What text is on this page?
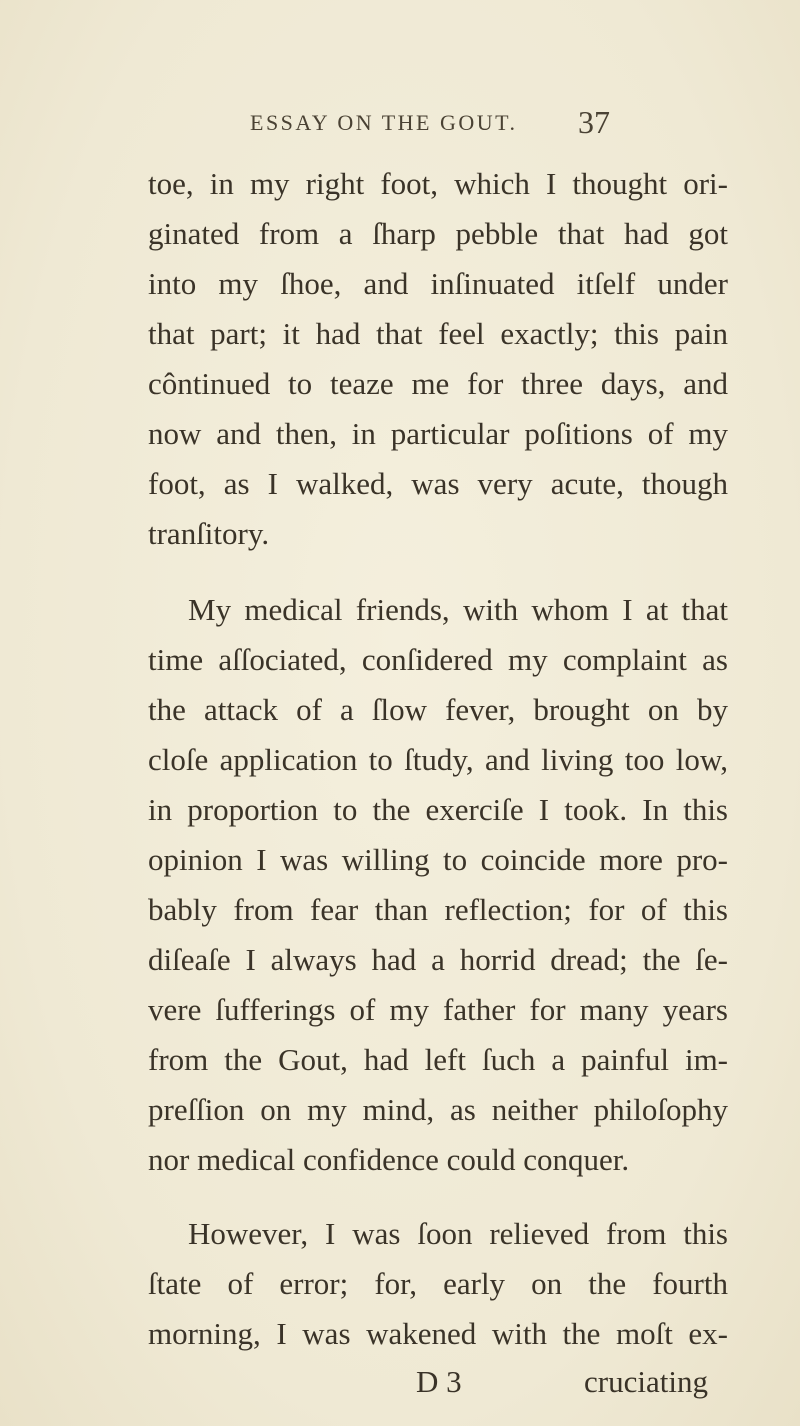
ESSAY ON THE GOUT. 37
toe, in my right foot, which I thought ori-
ginated from a ſharp pebble that had got
into my ſhoe, and inſinuated itſelf under
that part; it had that feel exactly; this pain
côntinued to teaze me for three days, and
now and then, in particular poſitions of my
foot, as I walked, was very acute, though
tranſitory.
My medical friends, with whom I at that
time aſſociated, conſidered my complaint as
the attack of a ſlow fever, brought on by
cloſe application to ſtudy, and living too low,
in proportion to the exerciſe I took. In this
opinion I was willing to coincide more pro-
bably from fear than reflection; for of this
diſeaſe I always had a horrid dread; the ſe-
vere ſufferings of my father for many years
from the Gout, had left ſuch a painful im-
preſſion on my mind, as neither philoſophy
nor medical confidence could conquer.
However, I was ſoon relieved from this
ſtate of error; for, early on the fourth
morning, I was wakened with the moſt ex-
D 3	cruciating
